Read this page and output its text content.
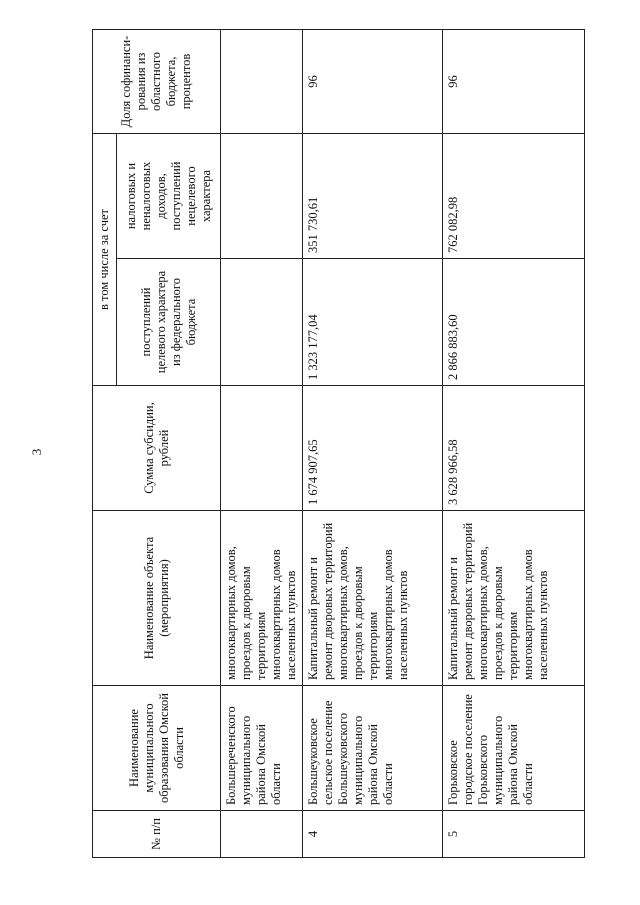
3
№ п/п	Наименование муниципального образования Омской области	Наименование объекта (мероприятия)	Сумма субсидии, рублей	в том числе за счет		Доля софинанси-рования из областного бюджета, процентов
				поступлений целевого характера из федерального бюджета	налоговых и неналоговых доходов, поступлений нецелевого характера	
	Большереченского муниципального района Омской области	многоквартирных домов, проездов к дворовым территориям многоквартирных домов населенных пунктов				
4	Большеуковское сельское поселение Большеуковского муниципального района Омской области	Капитальный ремонт и ремонт дворовых территорий многоквартирных домов, проездов к дворовым территориям многоквартирных домов населенных пунктов	1 674 907,65	1 323 177,04	351 730,61	96
5	Горьковское городское поселение Горьковского муниципального района Омской области	Капитальный ремонт и ремонт дворовых территорий многоквартирных домов, проездов к дворовым территориям многоквартирных домов населенных пунктов	3 628 966,58	2 866 883,60	762 082,98	96
